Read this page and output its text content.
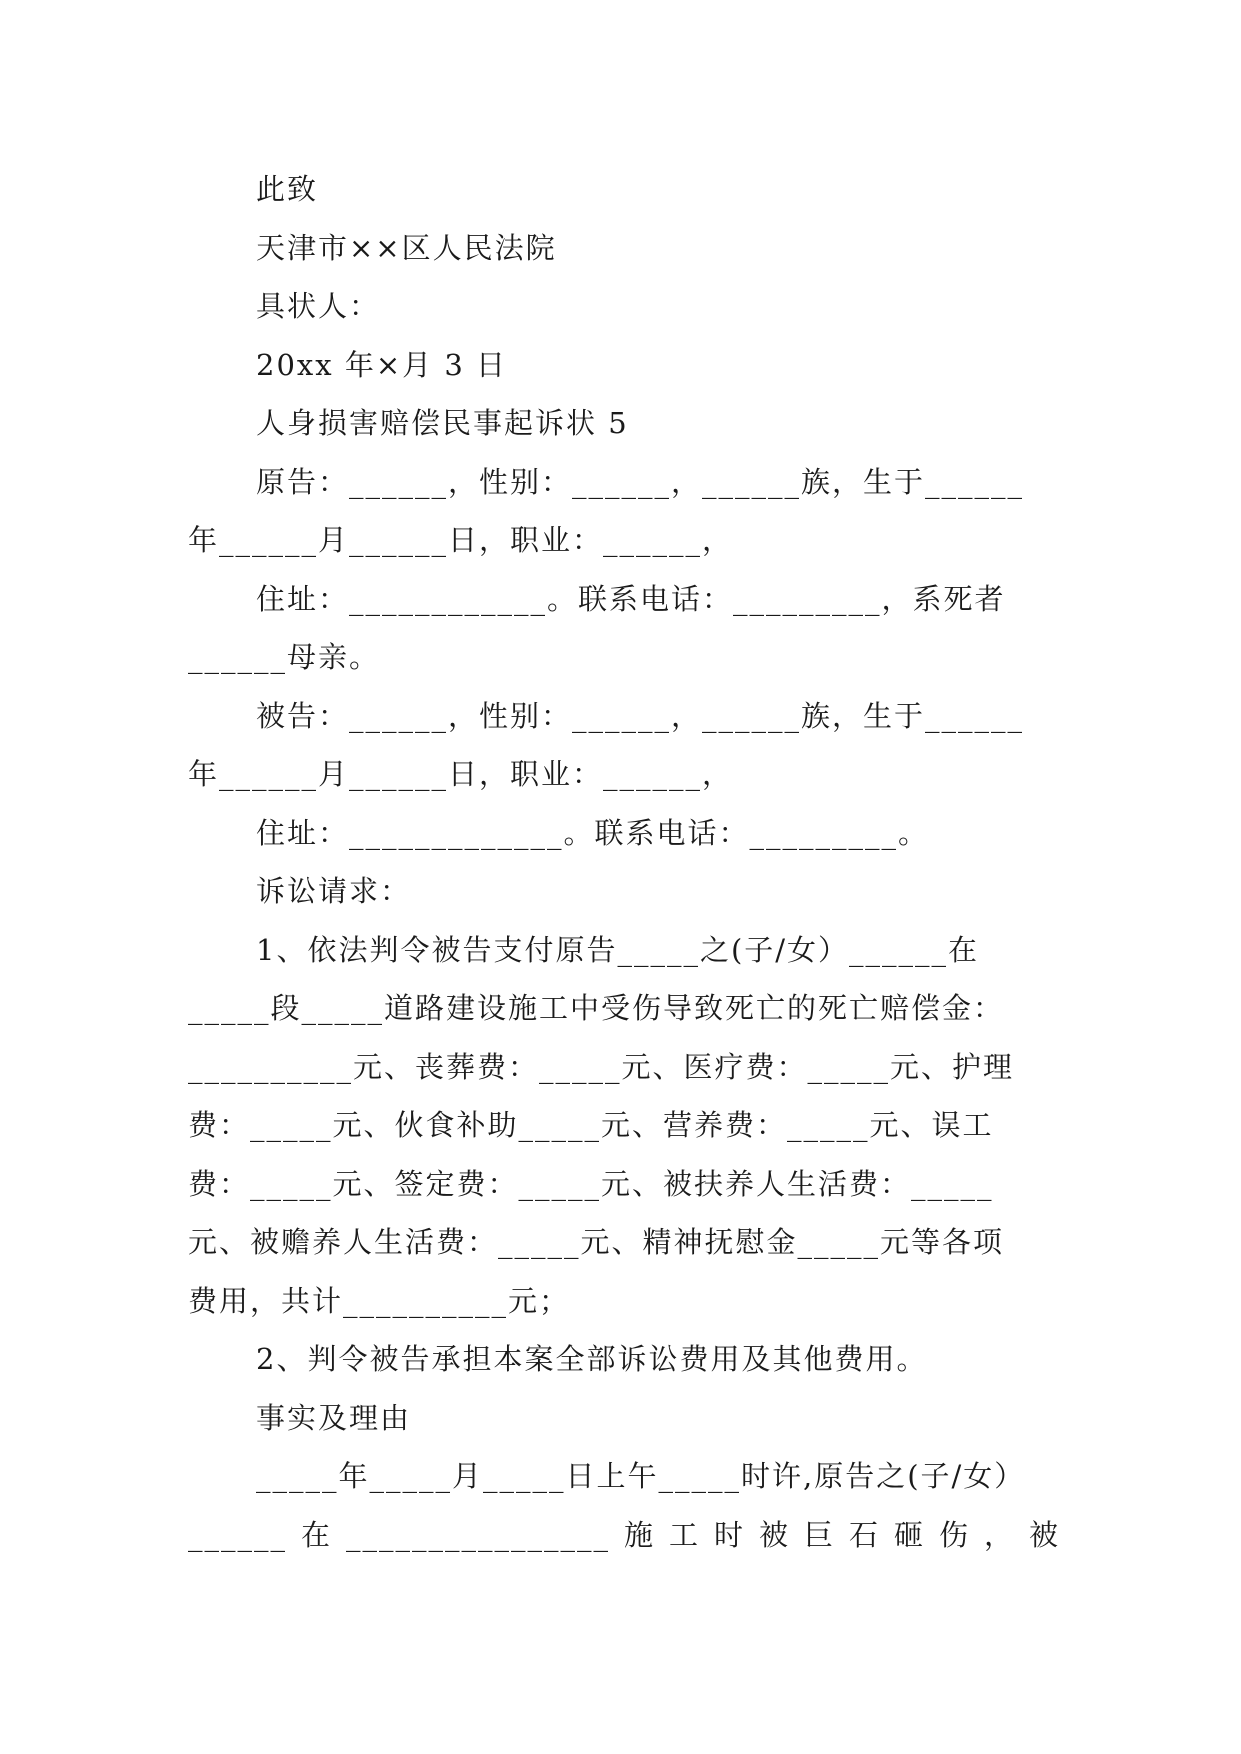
此致
天津市××区人民法院
具状人：
20xx 年×月 3 日
人身损害赔偿民事起诉状 5
原告：______，性别：______，______族，生于______
年______月______日，职业：______，
住址：____________。联系电话：_________，系死者
______母亲。
被告：______，性别：______，______族，生于______
年______月______日，职业：______，
住址：_____________。联系电话：_________。
诉讼请求：
1、依法判令被告支付原告_____之(子/女）______在
_____段_____道路建设施工中受伤导致死亡的死亡赔偿金：
__________元、丧葬费：_____元、医疗费：_____元、护理
费：_____元、伙食补助_____元、营养费：_____元、误工
费：_____元、签定费：_____元、被扶养人生活费：_____
元、被赡养人生活费：_____元、精神抚慰金_____元等各项
费用，共计__________元；
2、判令被告承担本案全部诉讼费用及其他费用。
事实及理由
_____年_____月_____日上午_____时许,原告之(子/女）
______ 在 ________________ 施 工 时 被 巨 石 砸 伤 ， 被
